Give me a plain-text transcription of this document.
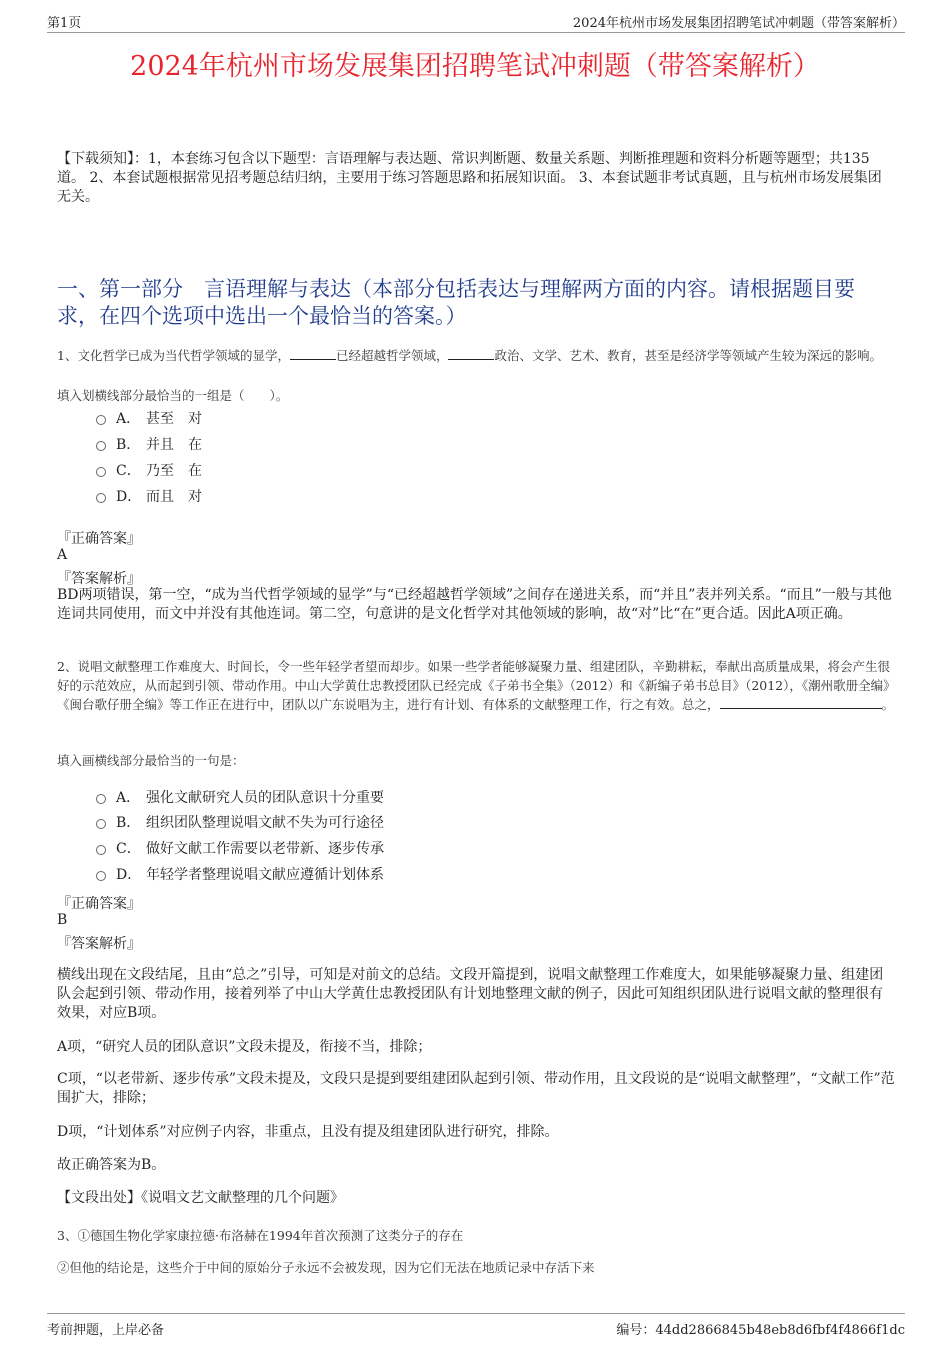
第1页	2024年杭州市场发展集团招聘笔试冲刺题（带答案解析）
2024年杭州市场发展集团招聘笔试冲刺题（带答案解析）
【下载须知】：1，本套练习包含以下题型：言语理解与表达题、常识判断题、数量关系题、判断推理题和资料分析题等题型；共135道。 2、本套试题根据常见招考题总结归纳，主要用于练习答题思路和拓展知识面。 3、本套试题非考试真题，且与杭州市场发展集团无关。
一、第一部分　言语理解与表达（本部分包括表达与理解两方面的内容。请根据题目要求，在四个选项中选出一个最恰当的答案。）
1、文化哲学已成为当代哲学领域的显学，	已经超越哲学领域，	政治、文学、艺术、教育，甚至是经济学等领域产生较为深远的影响。
填入划横线部分最恰当的一组是（　　）。
A． 甚至　对
B． 并且　在
C． 乃至　在
D． 而且　对
『正确答案』
A
『答案解析』
BD两项错误，第一空，“成为当代哲学领域的显学”与“已经超越哲学领域”之间存在递进关系，而“并且”表并列关系。“而且”一般与其他连词共同使用，而文中并没有其他连词。第二空，句意讲的是文化哲学对其他领域的影响，故“对”比“在”更合适。因此A项正确。
2、说唱文献整理工作难度大、时间长，令一些年轻学者望而却步。如果一些学者能够凝聚力量、组建团队，辛勤耕耘，奉献出高质量成果，将会产生很好的示范效应，从而起到引领、带动作用。中山大学黄仕忠教授团队已经完成《子弟书全集》（2012）和《新编子弟书总目》（2012），《潮州歌册全编》《闽台歌仔册全编》等工作正在进行中，团队以广东说唱为主，进行有计划、有体系的文献整理工作，行之有效。总之，	。
填入画横线部分最恰当的一句是：
A． 强化文献研究人员的团队意识十分重要
B． 组织团队整理说唱文献不失为可行途径
C． 做好文献工作需要以老带新、逐步传承
D． 年轻学者整理说唱文献应遵循计划体系
『正确答案』
B
『答案解析』
横线出现在文段结尾，且由“总之”引导，可知是对前文的总结。文段开篇提到，说唱文献整理工作难度大，如果能够凝聚力量、组建团队会起到引领、带动作用，接着列举了中山大学黄仕忠教授团队有计划地整理文献的例子，因此可知组织团队进行说唱文献的整理很有效果，对应B项。
A项，“研究人员的团队意识”文段未提及，衔接不当，排除；
C项，“以老带新、逐步传承”文段未提及，文段只是提到要组建团队起到引领、带动作用，且文段说的是“说唱文献整理”，“文献工作”范围扩大，排除；
D项，“计划体系”对应例子内容，非重点，且没有提及组建团队进行研究，排除。
故正确答案为B。
【文段出处】《说唱文艺文献整理的几个问题》
3、①德国生物化学家康拉德·布洛赫在1994年首次预测了这类分子的存在
②但他的结论是，这些介于中间的原始分子永远不会被发现，因为它们无法在地质记录中存活下来
考前押题，上岸必备	编号：44dd2866845b48eb8d6fbf4f4866f1dc
